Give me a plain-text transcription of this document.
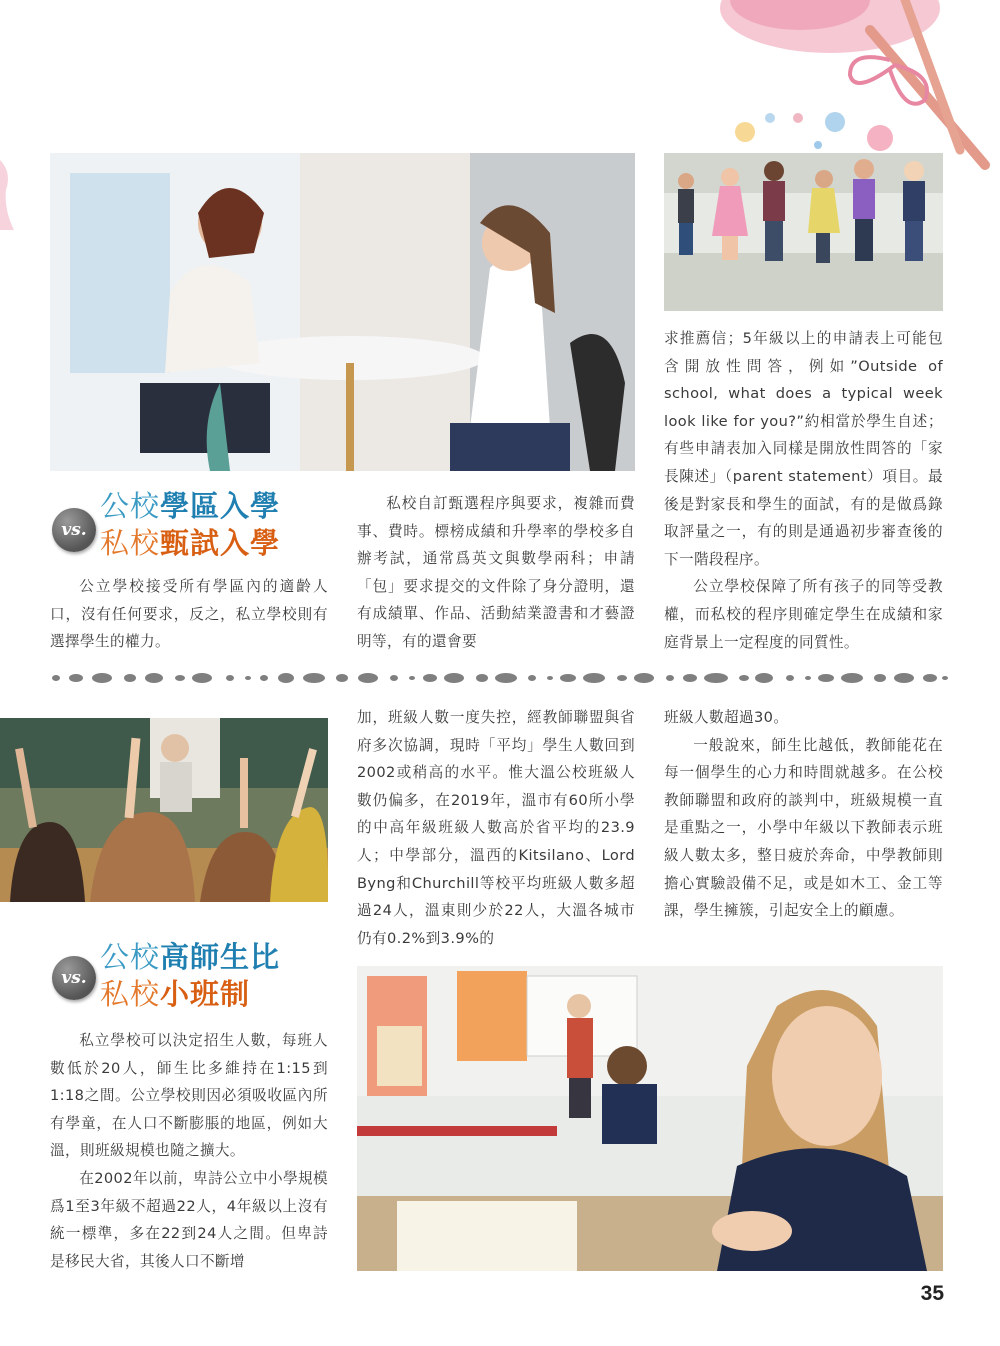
vs.
公校學區入學
私校甄試入學

公立學校接受所有學區內的適齡人口，沒有任何要求，反之，私立學校則有選擇學生的權力。

私校自訂甄選程序與要求，複雜而費事、費時。標榜成績和升學率的學校多自辦考試，通常爲英文與數學兩科；申請「包」要求提交的文件除了身分證明，還有成績單、作品、活動結業證書和才藝證明等，有的還會要

求推薦信；5年級以上的申請表上可能包含開放性問答，例如”Outside of school, what does a typical week look like for you?”約相當於學生自述；有些申請表加入同樣是開放性問答的「家長陳述」（parent statement）項目。最後是對家長和學生的面試，有的是做爲錄取評量之一，有的則是通過初步審查後的下一階段程序。

公立學校保障了所有孩子的同等受教權，而私校的程序則確定學生在成績和家庭背景上一定程度的同質性。

vs.
公校高師生比
私校小班制

私立學校可以決定招生人數，每班人數低於20人，師生比多維持在1:15到1:18之間。公立學校則因必須吸收區內所有學童，在人口不斷膨脹的地區，例如大溫，則班級規模也隨之擴大。

在2002年以前，卑詩公立中小學規模爲1至3年級不超過22人，4年級以上沒有統一標準，多在22到24人之間。但卑詩是移民大省，其後人口不斷增

加，班級人數一度失控，經教師聯盟與省府多次協調，現時「平均」學生人數回到2002或稍高的水平。惟大溫公校班級人數仍偏多，在2019年，溫市有60所小學的中高年級班級人數高於省平均的23.9人；中學部分，溫西的Kitsilano、Lord Byng和Churchill等校平均班級人數多超過24人，溫東則少於22人，大溫各城市仍有0.2%到3.9%的

班級人數超過30。

一般說來，師生比越低，教師能花在每一個學生的心力和時間就越多。在公校教師聯盟和政府的談判中，班級規模一直是重點之一，小學中年級以下教師表示班級人數太多，整日疲於奔命，中學教師則擔心實驗設備不足，或是如木工、金工等課，學生擁簇，引起安全上的顧慮。

35
